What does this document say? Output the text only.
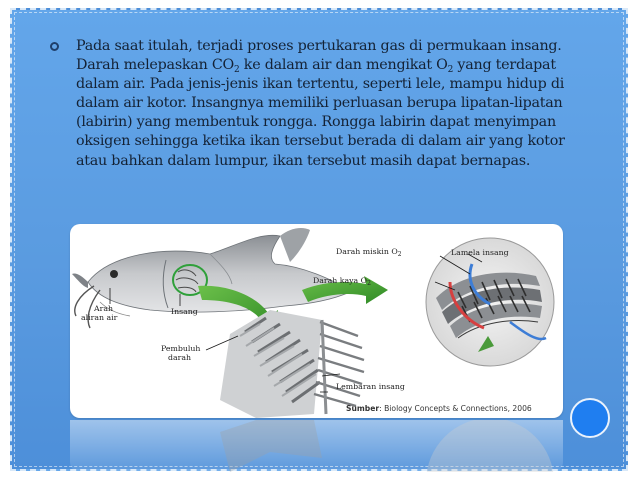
Pada saat itulah, terjadi proses pertukaran gas di permukaan insang. Darah melepaskan $CO_2$ ke dalam air dan mengikat $O_2$ yang terdapat dalam air. Pada jenis-jenis ikan tertentu, seperti lele, mampu hidup di dalam air kotor. Insangnya memiliki perluasan berupa lipatan-lipatan (labirin) yang membentuk rongga. Rongga labirin dapat menyimpan oksigen sehingga ketika ikan tersebut berada di dalam air yang kotor atau bahkan dalam lumpur, ikan tersebut masih dapat bernapas.

Arah
aliran air
Insang
Pembuluh
darah
Darah miskin $O_2$
Darah kaya $O_2$
Lamela insang
Lembaran insang
Sumber: Biology Concepts & Connections, 2006
